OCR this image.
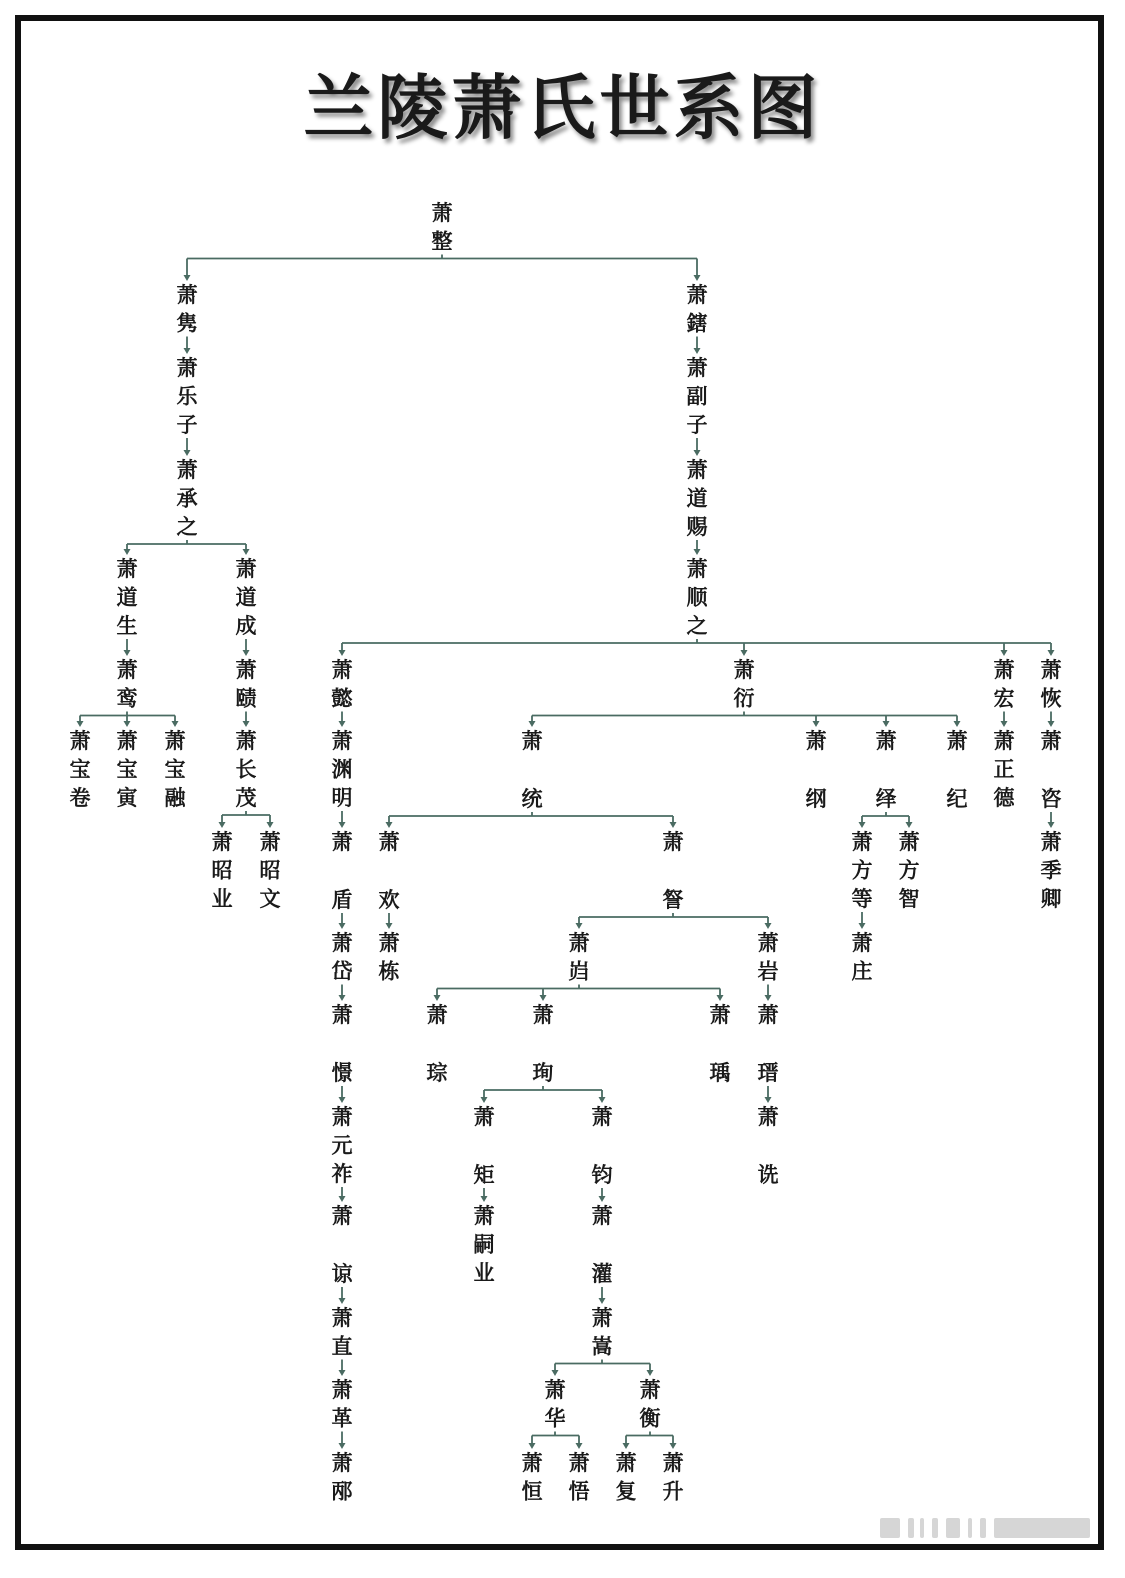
兰陵萧氏世系图
萧整
萧隽
萧乐子
萧承之
萧道生
萧鸾
萧宝卷
萧宝寅
萧宝融
萧道成
萧赜
萧长茂
萧昭业
萧昭文
萧鎋
萧副子
萧道赐
萧顺之
萧懿
萧渊明
萧盾
萧岱
萧憬
萧元祚
萧谅
萧直
萧革
萧邴
萧衍
萧统
萧欢
萧栋
萧詧
萧岿
萧琮
萧珣
萧矩
萧嗣业
萧钧
萧灌
萧嵩
萧华
萧恒
萧悟
萧衡
萧复
萧升
萧瑀
萧岩
萧瑨
萧诜
萧纲
萧绎
萧方等
萧庄
萧方智
萧纪
萧宏
萧正德
萧恢
萧咨
萧季卿
